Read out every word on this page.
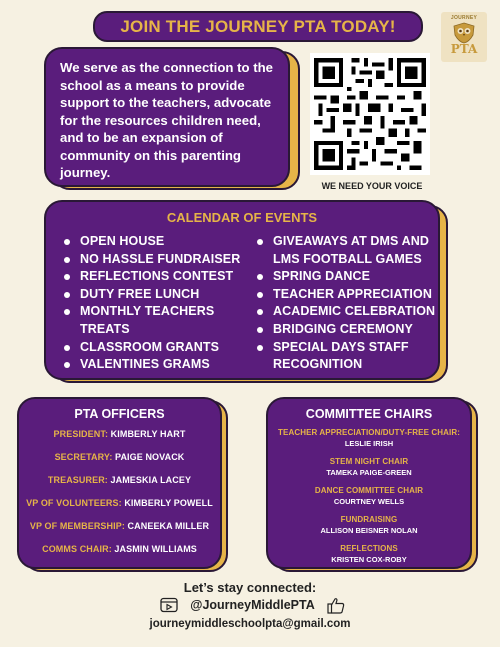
JOIN THE JOURNEY PTA TODAY!	JOURNEY
PTA

We serve as the connection to the school as a means to provide support to the teachers, advocate for the resources children need, and to be an expansion of community on this parenting journey.

WE NEED YOUR VOICE
CALENDAR OF EVENTS
OPEN HOUSE
NO HASSLE FUNDRAISER
REFLECTIONS CONTEST
DUTY FREE LUNCH
MONTHLY TEACHERS
TREATS
CLASSROOM GRANTS
VALENTINES GRAMS
GIVEAWAYS AT DMS AND
LMS FOOTBALL GAMES
SPRING DANCE
TEACHER APPRECIATION
ACADEMIC CELEBRATION
BRIDGING CEREMONY
SPECIAL DAYS STAFF
RECOGNITION
PTA OFFICERS
PRESIDENT: KIMBERLY HART
SECRETARY: PAIGE NOVACK
TREASURER: JAMESKIA LACEY
VP OF VOLUNTEERS: KIMBERLY POWELL
VP OF MEMBERSHIP: CANEEKA MILLER
COMMS CHAIR: JASMIN WILLIAMS
COMMITTEE CHAIRS
TEACHER APPRECIATION/DUTY-FREE CHAIR:
LESLIE IRISH
STEM NIGHT CHAIR
TAMEKA PAIGE-GREEN
DANCE COMMITTEE CHAIR
COURTNEY WELLS
FUNDRAISING
ALLISON BEISNER NOLAN
REFLECTIONS
KRISTEN COX-ROBY
Let’s stay connected:
@JourneyMiddlePTA
journeymiddleschoolpta@gmail.com
